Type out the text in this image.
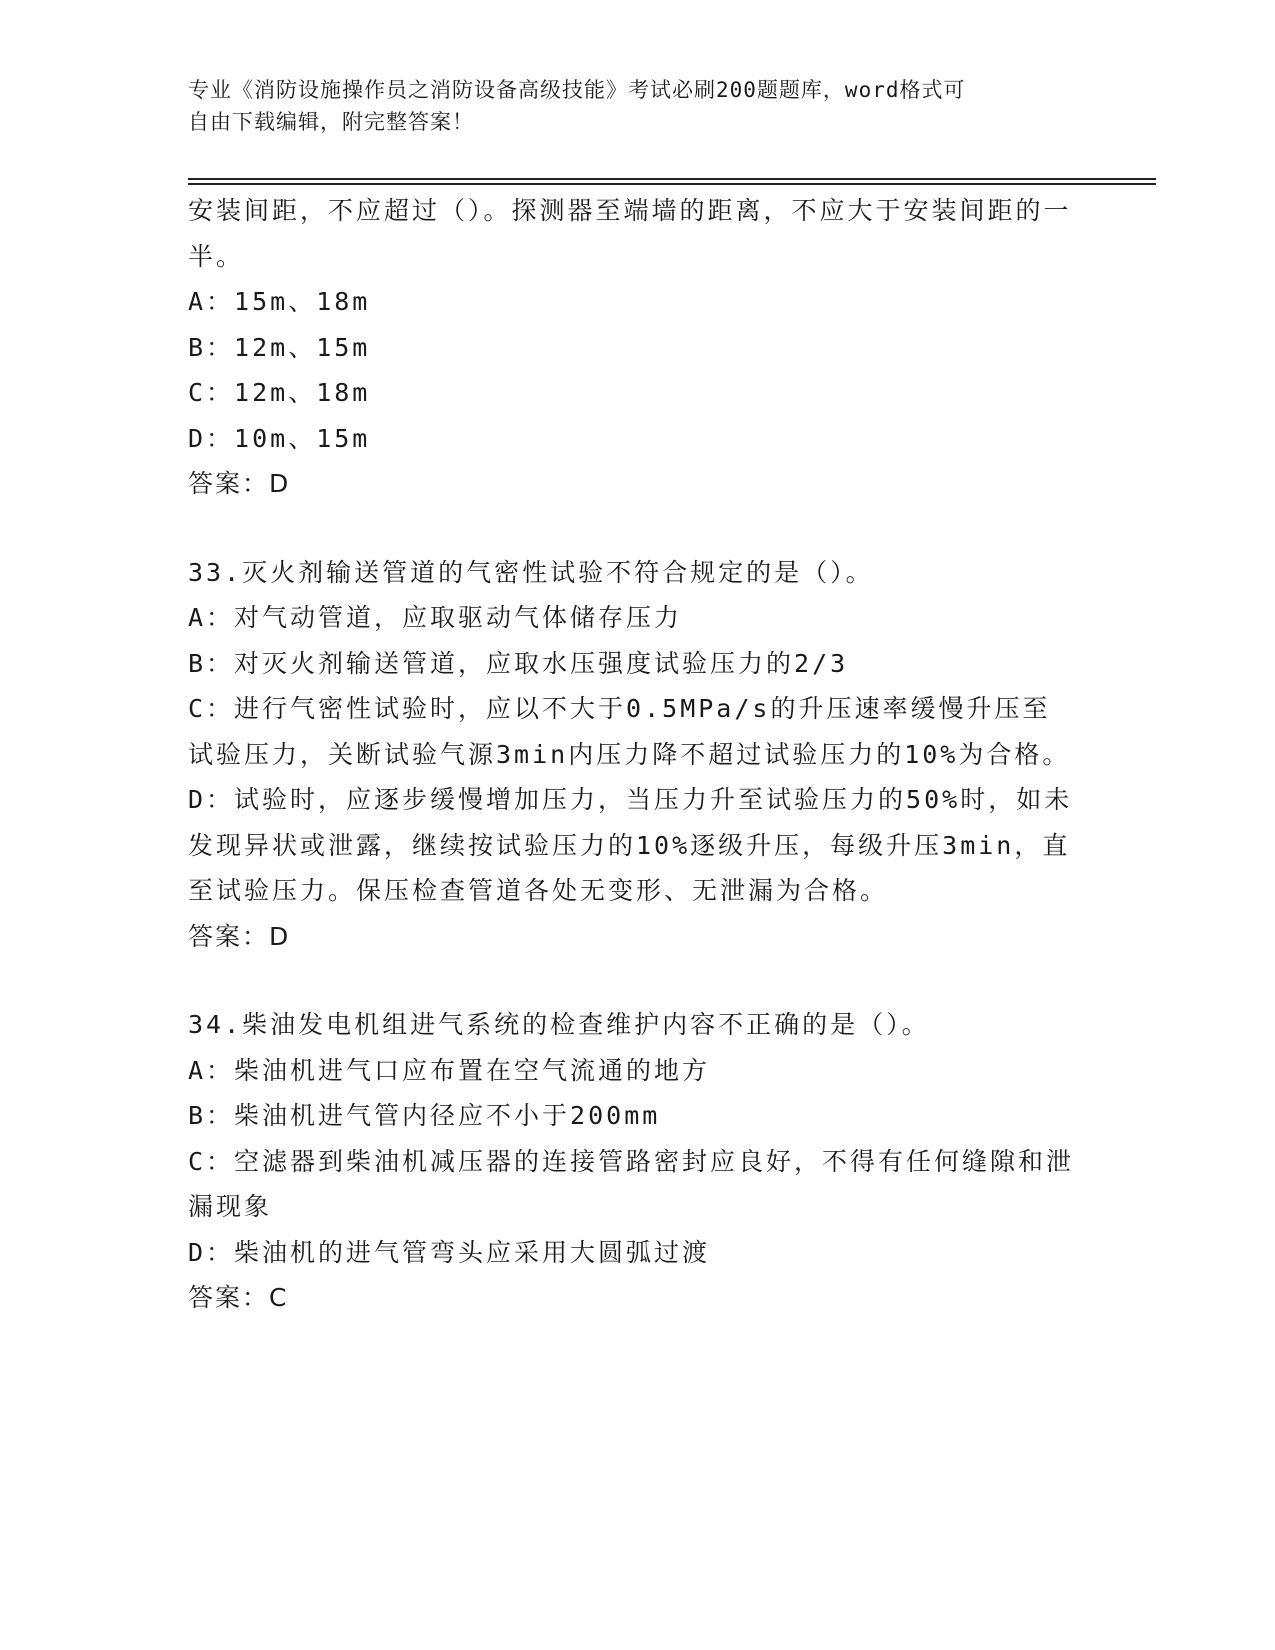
专业《消防设施操作员之消防设备高级技能》考试必刷200题题库，word格式可
自由下载编辑，附完整答案！

安装间距，不应超过（）。探测器至端墙的距离，不应大于安装间距的一半。

A：15m、18m

B：12m、15m

C：12m、18m

D：10m、15m

答案：D

33.灭火剂输送管道的气密性试验不符合规定的是（）。

A：对气动管道，应取驱动气体储存压力

B：对灭火剂输送管道，应取水压强度试验压力的2/3

C：进行气密性试验时，应以不大于0.5MPa/s的升压速率缓慢升压至试验压力，关断试验气源3min内压力降不超过试验压力的10%为合格。

D：试验时，应逐步缓慢增加压力，当压力升至试验压力的50%时，如未发现异状或泄露，继续按试验压力的10%逐级升压，每级升压3min，直至试验压力。保压检查管道各处无变形、无泄漏为合格。

答案：D

34.柴油发电机组进气系统的检查维护内容不正确的是（）。

A：柴油机进气口应布置在空气流通的地方

B：柴油机进气管内径应不小于200mm

C：空滤器到柴油机减压器的连接管路密封应良好，不得有任何缝隙和泄漏现象

D：柴油机的进气管弯头应采用大圆弧过渡

答案：C
